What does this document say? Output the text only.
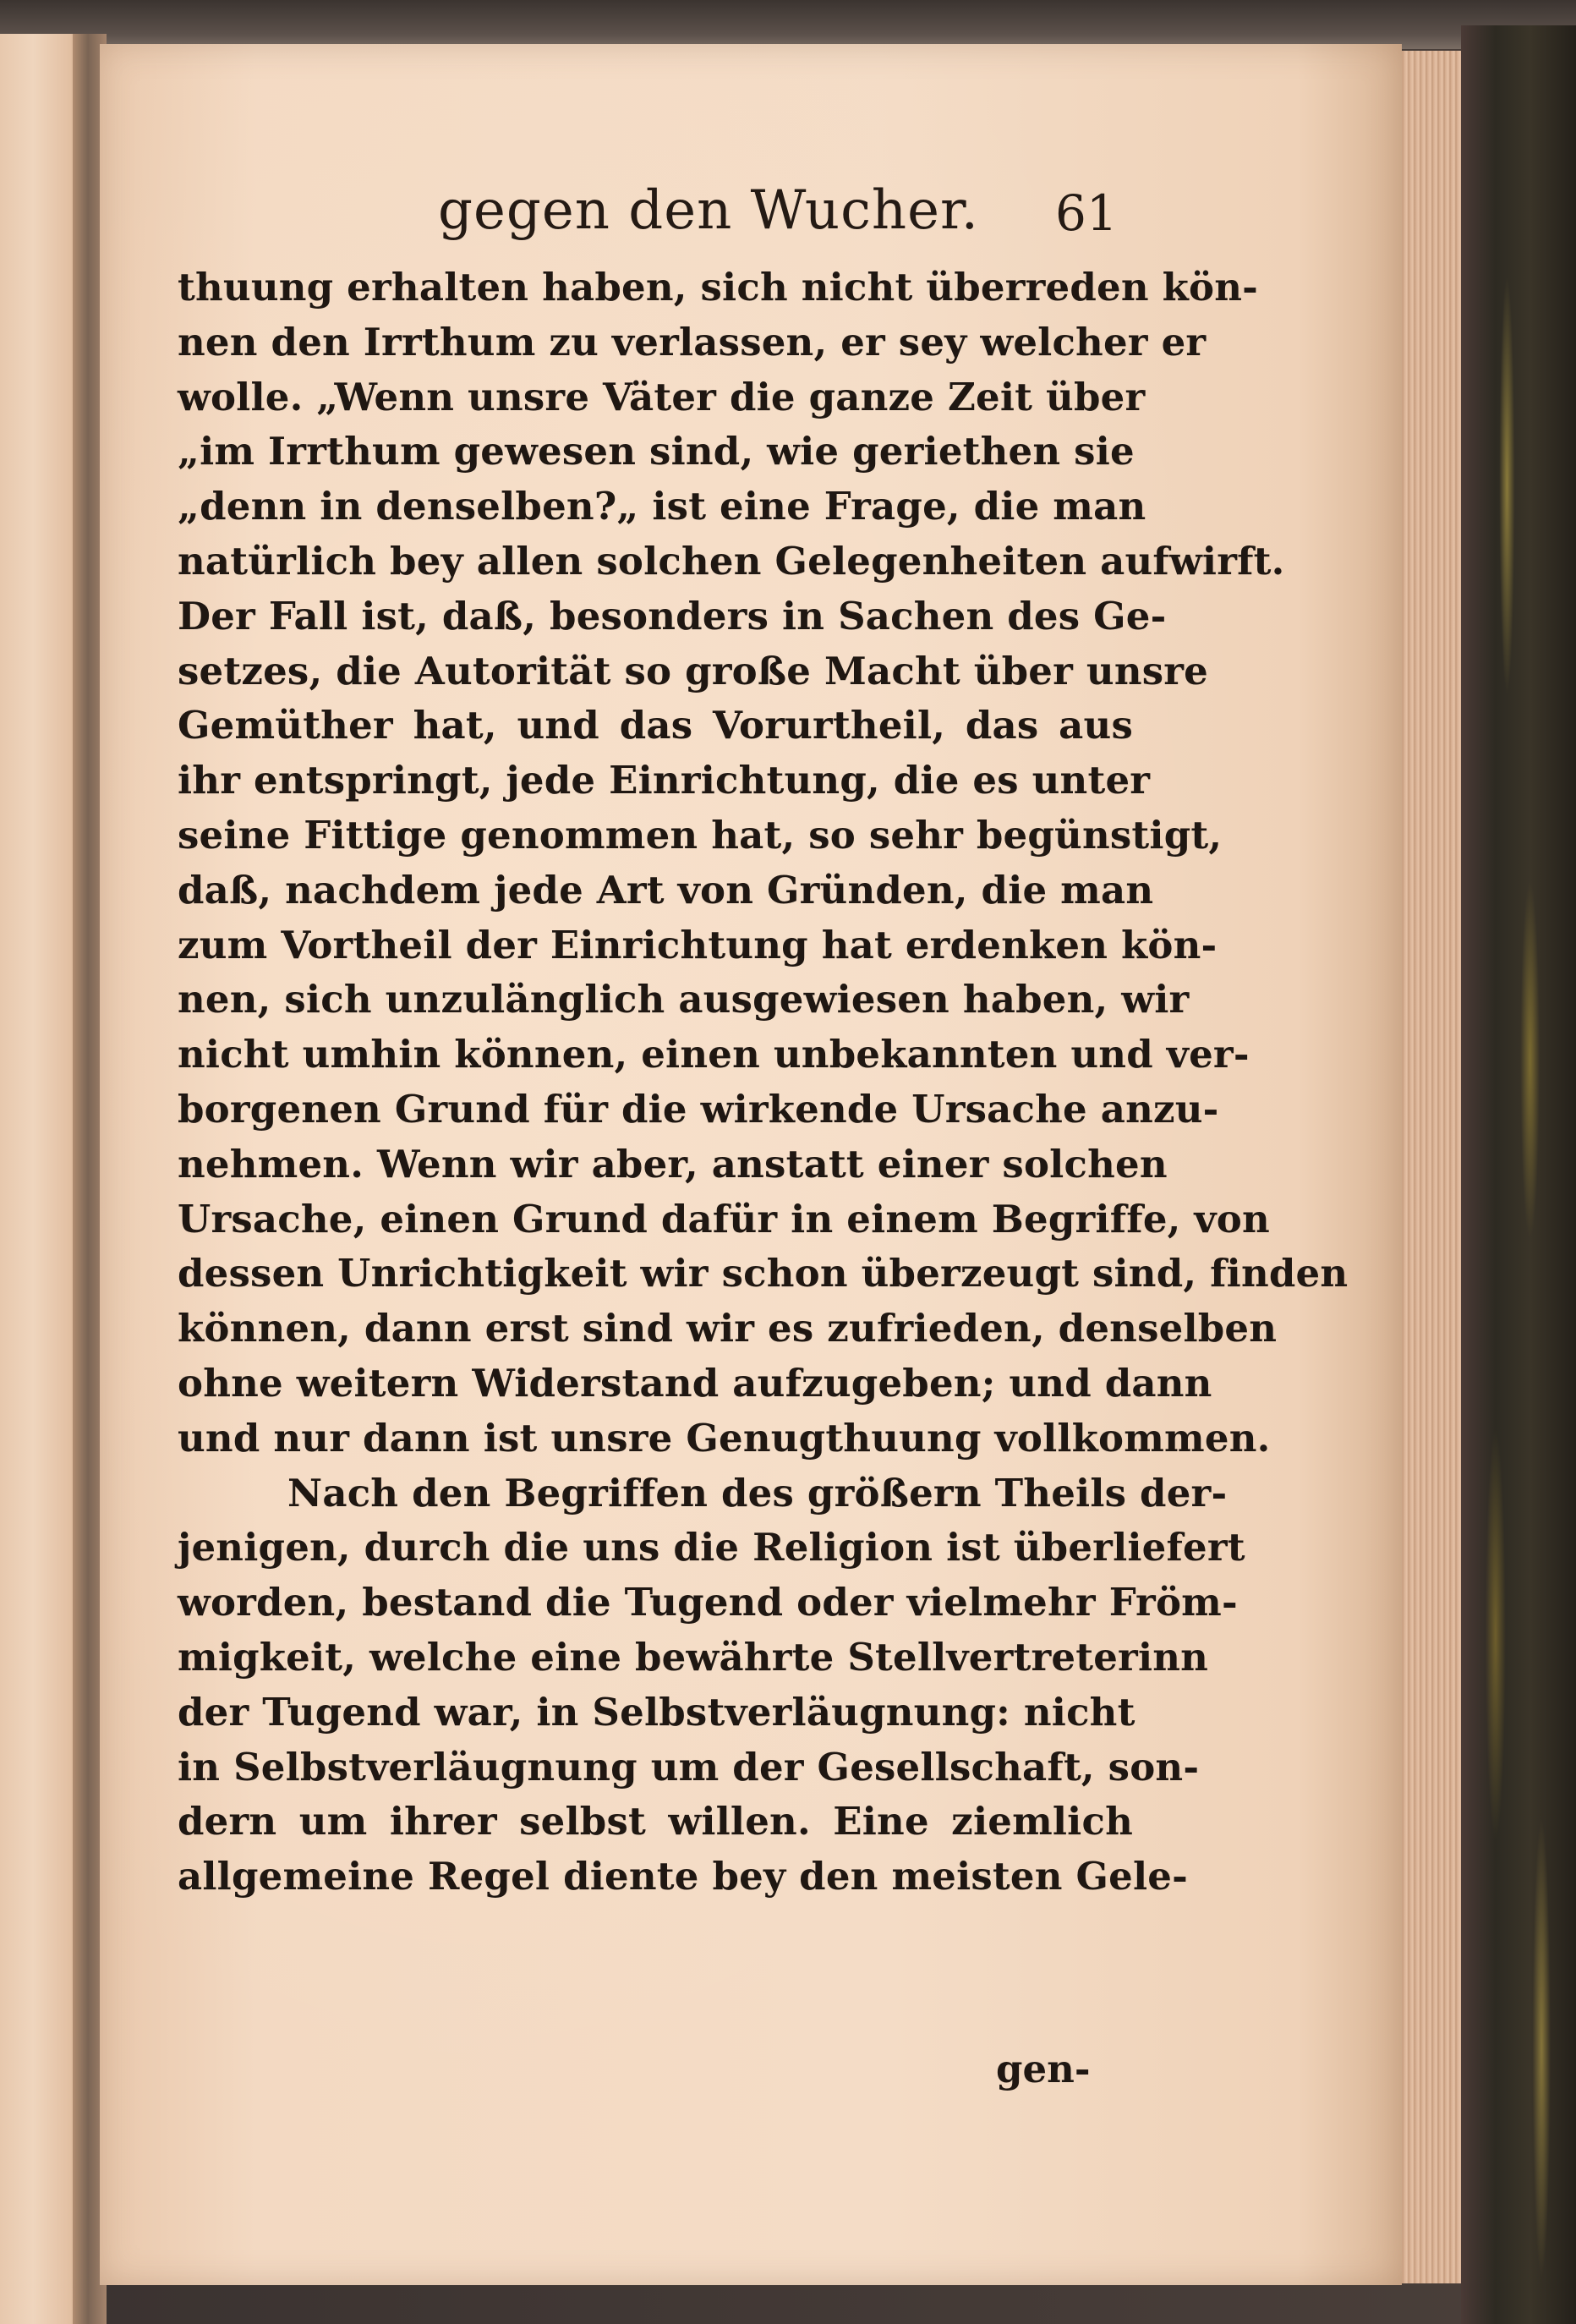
gegen den Wucher. 61
thuung erhalten haben, sich nicht überreden kön-
nen den Irrthum zu verlassen, er sey welcher er
wolle. „Wenn unsre Väter die ganze Zeit über
„im Irrthum gewesen sind, wie geriethen sie
„denn in denselben?„ ist eine Frage, die man
natürlich bey allen solchen Gelegenheiten aufwirft.
Der Fall ist, daß, besonders in Sachen des Ge-
setzes, die Autorität so große Macht über unsre
Gemüther hat, und das Vorurtheil, das aus
ihr entspringt, jede Einrichtung, die es unter
seine Fittige genommen hat, so sehr begünstigt,
daß, nachdem jede Art von Gründen, die man
zum Vortheil der Einrichtung hat erdenken kön-
nen, sich unzulänglich ausgewiesen haben, wir
nicht umhin können, einen unbekannten und ver-
borgenen Grund für die wirkende Ursache anzu-
nehmen. Wenn wir aber, anstatt einer solchen
Ursache, einen Grund dafür in einem Begriffe, von
dessen Unrichtigkeit wir schon überzeugt sind, finden
können, dann erst sind wir es zufrieden, denselben
ohne weitern Widerstand aufzugeben; und dann
und nur dann ist unsre Genugthuung vollkommen.
Nach den Begriffen des größern Theils der-
jenigen, durch die uns die Religion ist überliefert
worden, bestand die Tugend oder vielmehr Fröm-
migkeit, welche eine bewährte Stellvertreterinn
der Tugend war, in Selbstverläugnung: nicht
in Selbstverläugnung um der Gesellschaft, son-
dern um ihrer selbst willen. Eine ziemlich
allgemeine Regel diente bey den meisten Gele-
gen-
